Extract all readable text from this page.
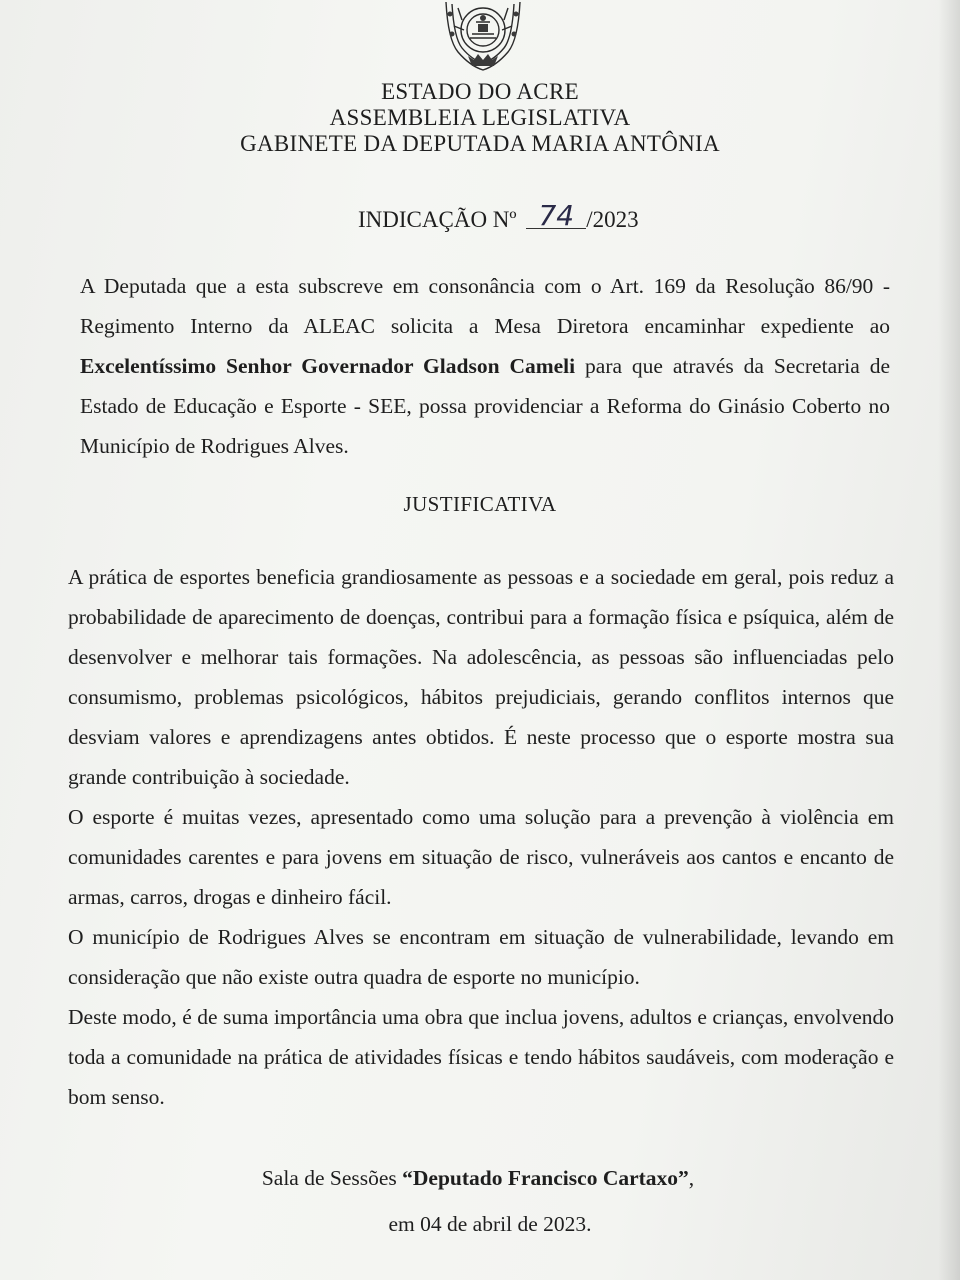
ESTADO DO ACRE
ASSEMBLEIA LEGISLATIVA
GABINETE DA DEPUTADA MARIA ANTÔNIA
INDICAÇÃO Nº 74 /2023
A Deputada que a esta subscreve em consonância com o Art. 169 da Resolução 86/90 - Regimento Interno da ALEAC solicita a Mesa Diretora encaminhar expediente ao Excelentíssimo Senhor Governador Gladson Cameli para que através da Secretaria de Estado de Educação e Esporte - SEE, possa providenciar a Reforma do Ginásio Coberto no Município de Rodrigues Alves.
JUSTIFICATIVA

A prática de esportes beneficia grandiosamente as pessoas e a sociedade em geral, pois reduz a probabilidade de aparecimento de doenças, contribui para a formação física e psíquica, além de desenvolver e melhorar tais formações. Na adolescência, as pessoas são influenciadas pelo consumismo, problemas psicológicos, hábitos prejudiciais, gerando conflitos internos que desviam valores e aprendizagens antes obtidos. É neste processo que o esporte mostra sua grande contribuição à sociedade.

O esporte é muitas vezes, apresentado como uma solução para a prevenção à violência em comunidades carentes e para jovens em situação de risco, vulneráveis aos cantos e encanto de armas, carros, drogas e dinheiro fácil.

O município de Rodrigues Alves se encontram em situação de vulnerabilidade, levando em consideração que não existe outra quadra de esporte no município.

Deste modo, é de suma importância uma obra que inclua jovens, adultos e crianças, envolvendo toda a comunidade na prática de atividades físicas e tendo hábitos saudáveis, com moderação e bom senso.

Sala de Sessões “Deputado Francisco Cartaxo”,
em 04 de abril de 2023.
